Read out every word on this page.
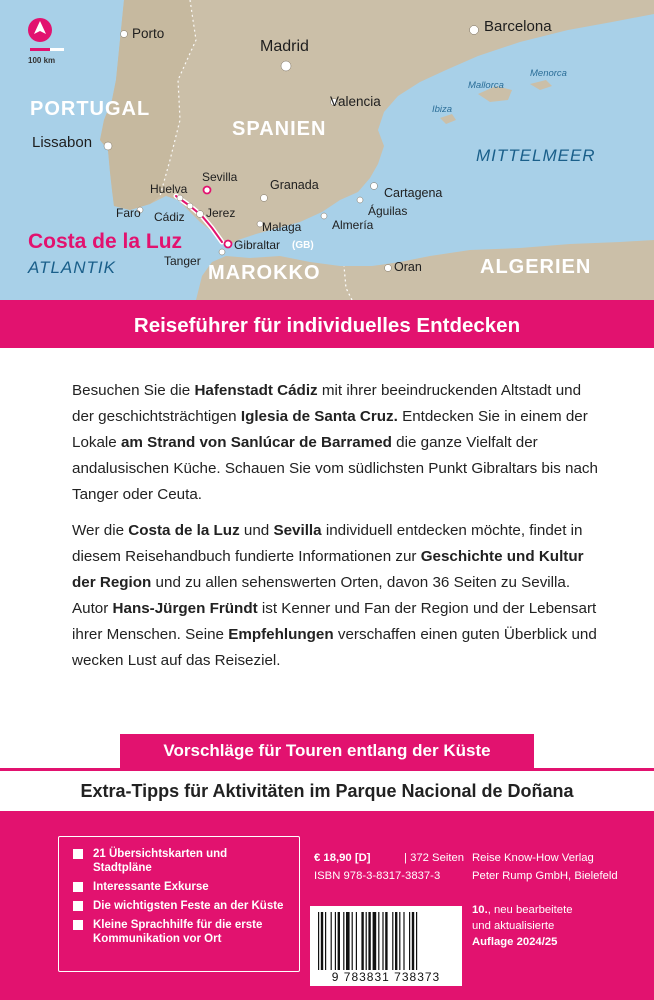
100 km
PORTUGAL
SPANIEN
MAROKKO	ALGERIEN
MITTELMEER
ATLANTIK
Mallorca
Menorca
Ibiza
Porto
Madrid
Barcelona
Valencia
Lissabon
Sevilla
Huelva	Granada
Cartagena
Faro Cádiz Jerez	Águilas
Malaga	Almería
Gibraltar (GB)
Tanger	Oran
Costa de la Luz
Reiseführer für individuelles Entdecken

Besuchen Sie die Hafenstadt Cádiz mit ihrer beeindruckenden Altstadt und der geschichtsträchtigen Iglesia de Santa Cruz. Entdecken Sie in einem der Lokale am Strand von Sanlúcar de Barramed die ganze Vielfalt der andalusischen Küche. Schauen Sie vom südlichsten Punkt Gibraltars bis nach Tanger oder Ceuta.

Wer die Costa de la Luz und Sevilla individuell entdecken möchte, findet in diesem Reisehandbuch fundierte Informationen zur Geschichte und Kultur der Region und zu allen sehenswerten Orten, davon 36 Seiten zu Sevilla.

Autor Hans-Jürgen Fründt ist Kenner und Fan der Region und der Lebensart ihrer Menschen. Seine Empfehlungen verschaffen einen guten Überblick und wecken Lust auf das Reiseziel.

Vorschläge für Touren entlang der Küste
Extra-Tipps für Aktivitäten im Parque Nacional de Doñana
21 Übersichtskarten und Stadtpläne
Interessante Exkurse
Die wichtigsten Feste an der Küste
Kleine Sprachhilfe für die erste Kommunikation vor Ort
€ 18,90 [D]	| 372 Seiten
ISBN 978-3-8317-3837-3
Reise Know-How Verlag
Peter Rump GmbH, Bielefeld
10., neu bearbeitete
und aktualisierte
Auflage 2024/25
9 783831 738373
